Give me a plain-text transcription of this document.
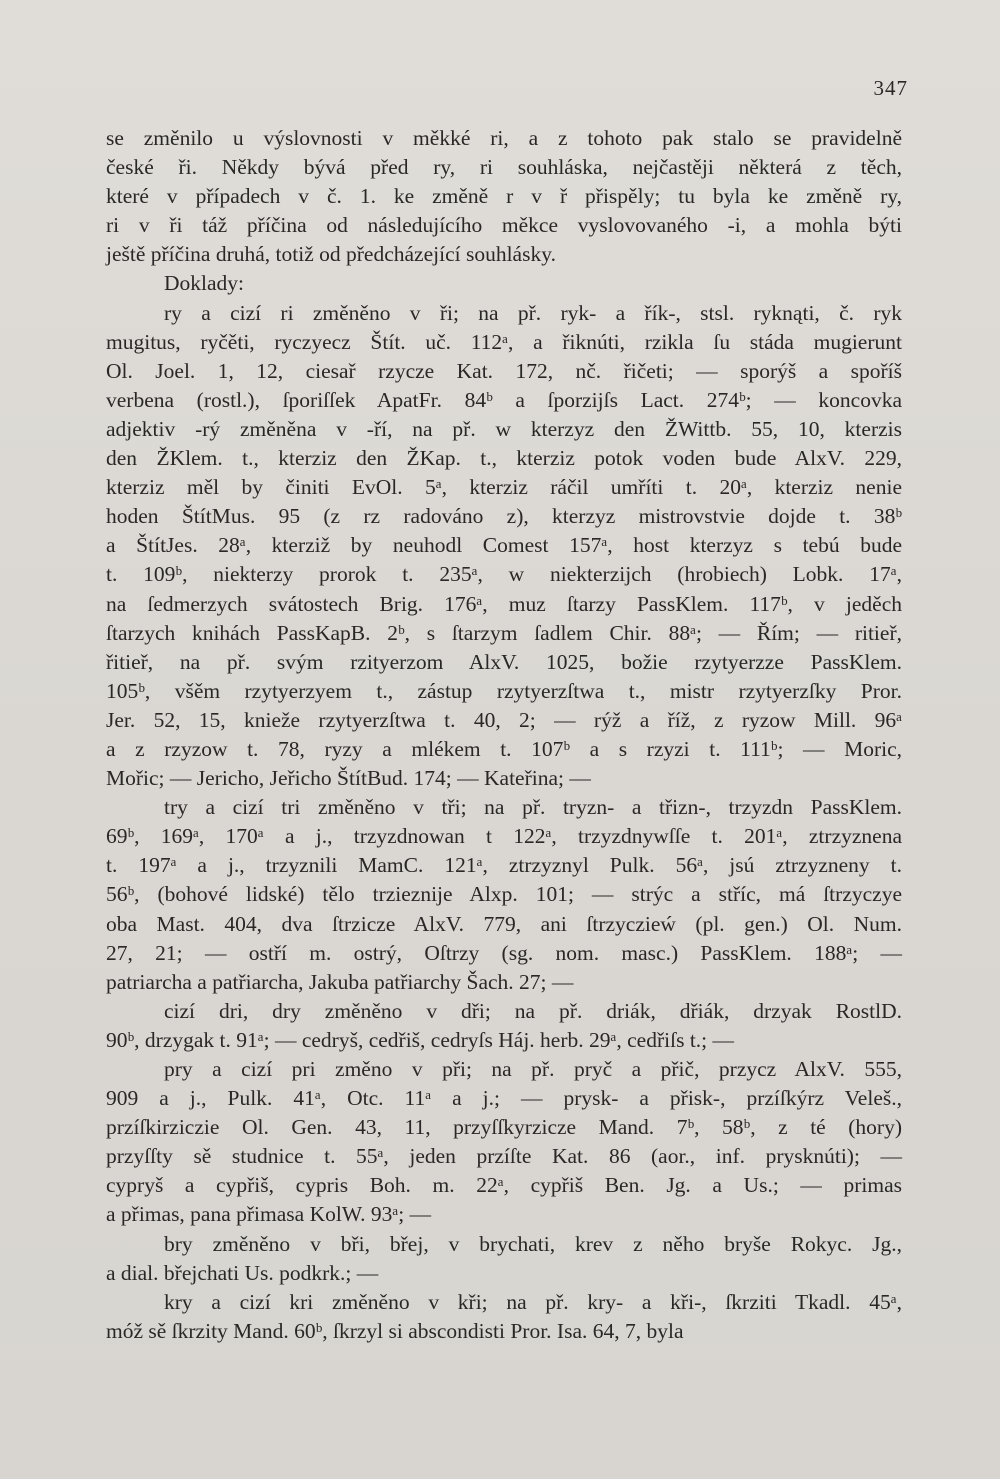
347

se změnilo u výslovnosti v měkké ri, a z tohoto pak stalo se pravidelně

české ři. Někdy bývá před ry, ri souhláska, nejčastěji některá z těch,

které v případech v č. 1. ke změně r v ř přispěly; tu byla ke změně ry,

ri v ři táž příčina od následujícího měkce vyslovovaného -i, a mohla býti

ještě příčina druhá, totiž od předcházející souhlásky.

Doklady:

ry a cizí ri změněno v ři; na př. ryk- a řík-, stsl. ryknąti, č. ryk

mugitus, ryčěti, ryczyecz Štít. uč. 112ᵃ, a řiknúti, rzikla ſu stáda mugierunt

Ol. Joel. 1, 12, ciesař rzycze Kat. 172, nč. řičeti; — sporýš a spoříš

verbena (rostl.), ſporiſſek ApatFr. 84ᵇ a ſporzijſs Lact. 274ᵇ; — koncovka

adjektiv -rý změněna v -ří, na př. w kterzyz den ŽWittb. 55, 10, kterzis

den ŽKlem. t., kterziz den ŽKap. t., kterziz potok voden bude AlxV. 229,

kterziz měl by činiti EvOl. 5ᵃ, kterziz ráčil umříti t. 20ᵃ, kterziz nenie

hoden ŠtítMus. 95 (z rz radováno z), kterzyz mistrovstvie dojde t. 38ᵇ

a ŠtítJes. 28ᵃ, kterziž by neuhodl Comest 157ᵃ, host kterzyz s tebú bude

t. 109ᵇ, niekterzy prorok t. 235ᵃ, w niekterzijch (hrobiech) Lobk. 17ᵃ,

na ſedmerzych svátostech Brig. 176ᵃ, muz ſtarzy PassKlem. 117ᵇ, v jeděch

ſtarzych knihách PassKapB. 2ᵇ, s ſtarzym ſadlem Chir. 88ᵃ; — Řím; — ritieř,

řitieř, na př. svým rzityerzom AlxV. 1025, božie rzytyerzze PassKlem.

105ᵇ, všěm rzytyerzyem t., zástup rzytyerzſtwa t., mistr rzytyerzſky Pror.

Jer. 52, 15, knieže rzytyerzſtwa t. 40, 2; — rýž a říž, z ryzow Mill. 96ᵃ

a z rzyzow t. 78, ryzy a mlékem t. 107ᵇ a s rzyzi t. 111ᵇ; — Moric,

Mořic; — Jericho, Jeřicho ŠtítBud. 174; — Kateřina; —

try a cizí tri změněno v tři; na př. tryzn- a třizn-, trzyzdn PassKlem.

69ᵇ, 169ᵃ, 170ᵃ a j., trzyzdnowan t 122ᵃ, trzyzdnywſſe t. 201ᵃ, ztrzyznena

t. 197ᵃ a j., trzyznili MamC. 121ᵃ, ztrzyznyl Pulk. 56ᵃ, jsú ztrzyzneny t.

56ᵇ, (bohové lidské) tělo trzieznije Alxp. 101; — strýc a stříc, má ſtrzyczye

oba Mast. 404, dva ſtrzicze AlxV. 779, ani ſtrzyczieẃ (pl. gen.) Ol. Num.

27, 21; — ostří m. ostrý, Oſtrzy (sg. nom. masc.) PassKlem. 188ᵃ; —

patriarcha a patřiarcha, Jakuba patřiarchy Šach. 27; —

cizí dri, dry změněno v dři; na př. driák, dřiák, drzyak RostlD.

90ᵇ, drzygak t. 91ᵃ; — cedryš, cedřiš, cedryſs Háj. herb. 29ᵃ, cedřiſs t.; —

pry a cizí pri změno v při; na př. pryč a přič, przycz AlxV. 555,

909 a j., Pulk. 41ᵃ, Otc. 11ᵃ a j.; — prysk- a přisk-, przíſkýrz Veleš.,

przíſkirziczie Ol. Gen. 43, 11, przyſſkyrzicze Mand. 7ᵇ, 58ᵇ, z té (hory)

przyſſty sě studnice t. 55ᵃ, jeden przíſte Kat. 86 (aor., inf. prysknúti); —

cypryš a cypřiš, cypris Boh. m. 22ᵃ, cypřiš Ben. Jg. a Us.; — primas

a přimas, pana přimasa KolW. 93ᵃ; —

bry změněno v bři, břej, v brychati, krev z něho bryše Rokyc. Jg.,

a dial. břejchati Us. podkrk.; —

kry a cizí kri změněno v kři; na př. kry- a kři-, ſkrziti Tkadl. 45ᵃ,

móž sě ſkrzity Mand. 60ᵇ, ſkrzyl si abscondisti Pror. Isa. 64, 7, byla
